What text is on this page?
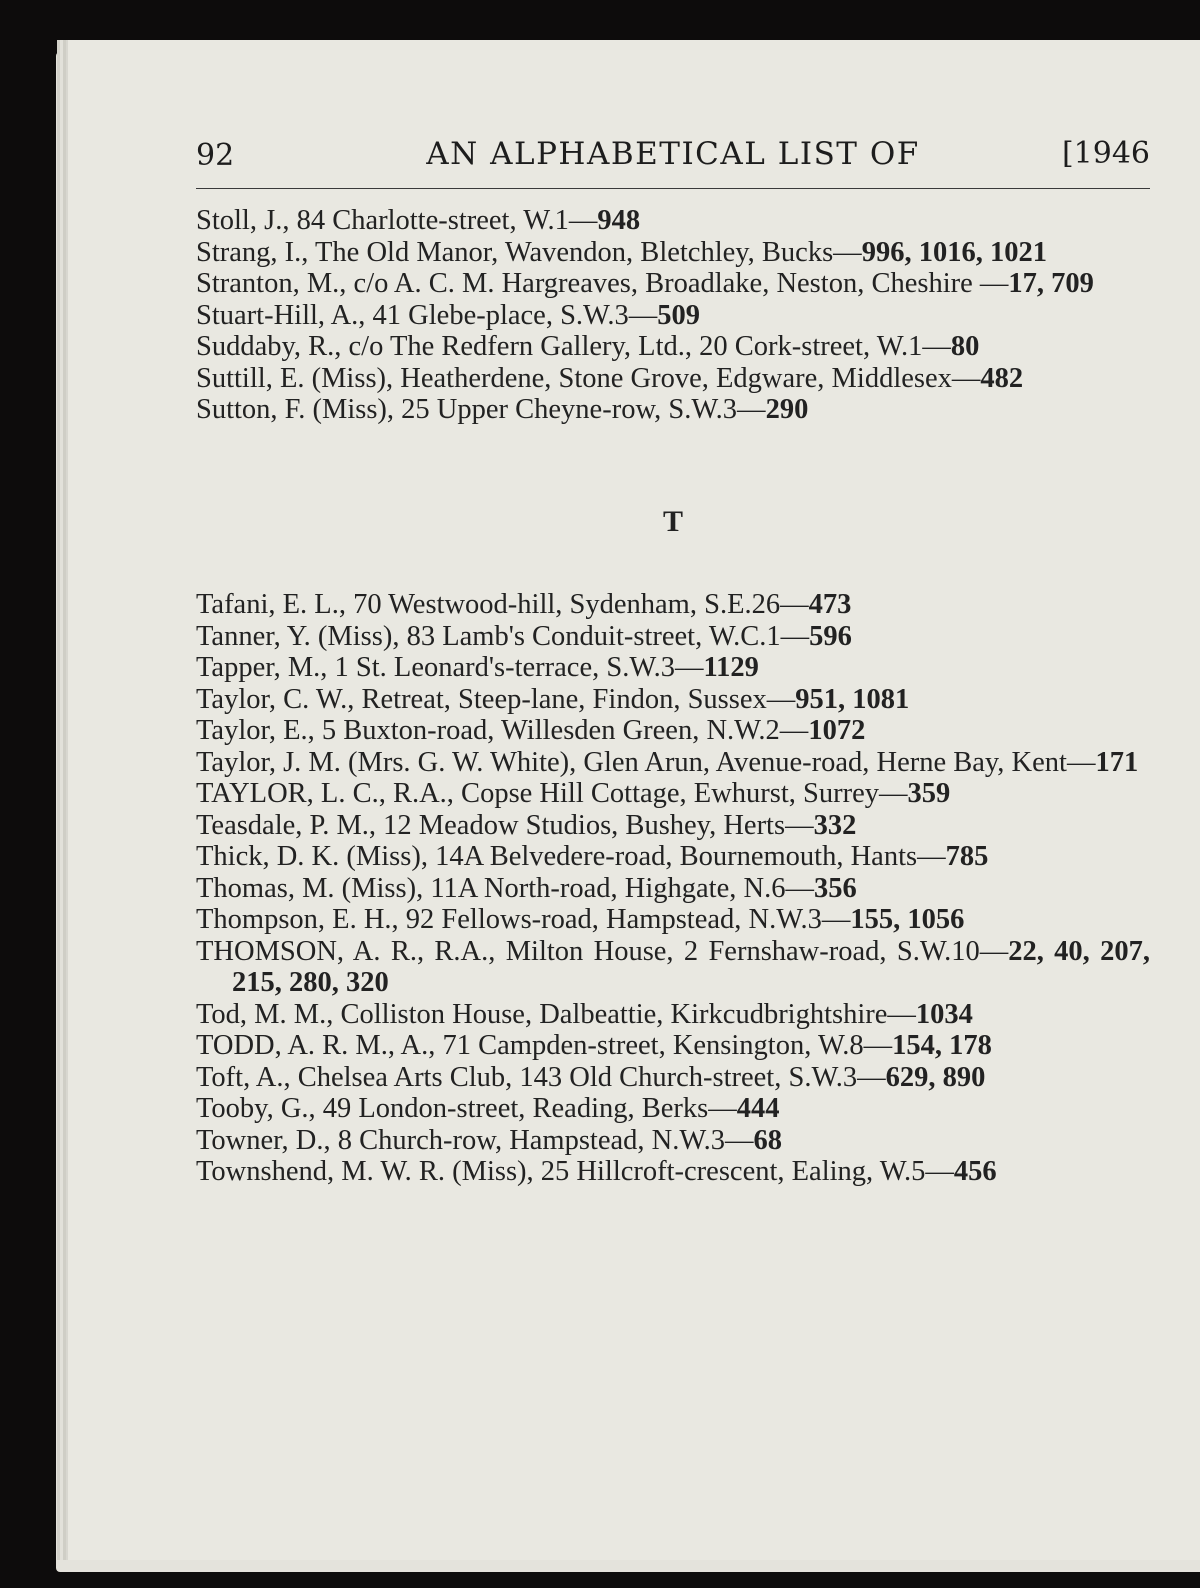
92	AN ALPHABETICAL LIST OF	[1946

Stoll, J., 84 Charlotte-street, W.1—948

Strang, I., The Old Manor, Wavendon, Bletchley, Bucks—996, 1016, 1021

Stranton, M., c/o A. C. M. Hargreaves, Broadlake, Neston, Cheshire —17, 709

Stuart-Hill, A., 41 Glebe-place, S.W.3—509

Suddaby, R., c/o The Redfern Gallery, Ltd., 20 Cork-street, W.1—80

Suttill, E. (Miss), Heatherdene, Stone Grove, Edgware, Middlesex—482

Sutton, F. (Miss), 25 Upper Cheyne-row, S.W.3—290

T

Tafani, E. L., 70 Westwood-hill, Sydenham, S.E.26—473

Tanner, Y. (Miss), 83 Lamb's Conduit-street, W.C.1—596

Tapper, M., 1 St. Leonard's-terrace, S.W.3—1129

Taylor, C. W., Retreat, Steep-lane, Findon, Sussex—951, 1081

Taylor, E., 5 Buxton-road, Willesden Green, N.W.2—1072

Taylor, J. M. (Mrs. G. W. White), Glen Arun, Avenue-road, Herne Bay, Kent—171

TAYLOR, L. C., R.A., Copse Hill Cottage, Ewhurst, Surrey—359

Teasdale, P. M., 12 Meadow Studios, Bushey, Herts—332

Thick, D. K. (Miss), 14A Belvedere-road, Bournemouth, Hants—785

Thomas, M. (Miss), 11A North-road, Highgate, N.6—356

Thompson, E. H., 92 Fellows-road, Hampstead, N.W.3—155, 1056

THOMSON, A. R., R.A., Milton House, 2 Fernshaw-road, S.W.10—22, 40, 207, 215, 280, 320

Tod, M. M., Colliston House, Dalbeattie, Kirkcudbrightshire—1034

TODD, A. R. M., A., 71 Campden-street, Kensington, W.8—154, 178

Toft, A., Chelsea Arts Club, 143 Old Church-street, S.W.3—629, 890

Tooby, G., 49 London-street, Reading, Berks—444

Towner, D., 8 Church-row, Hampstead, N.W.3—68

Townshend, M. W. R. (Miss), 25 Hillcroft-crescent, Ealing, W.5—456
